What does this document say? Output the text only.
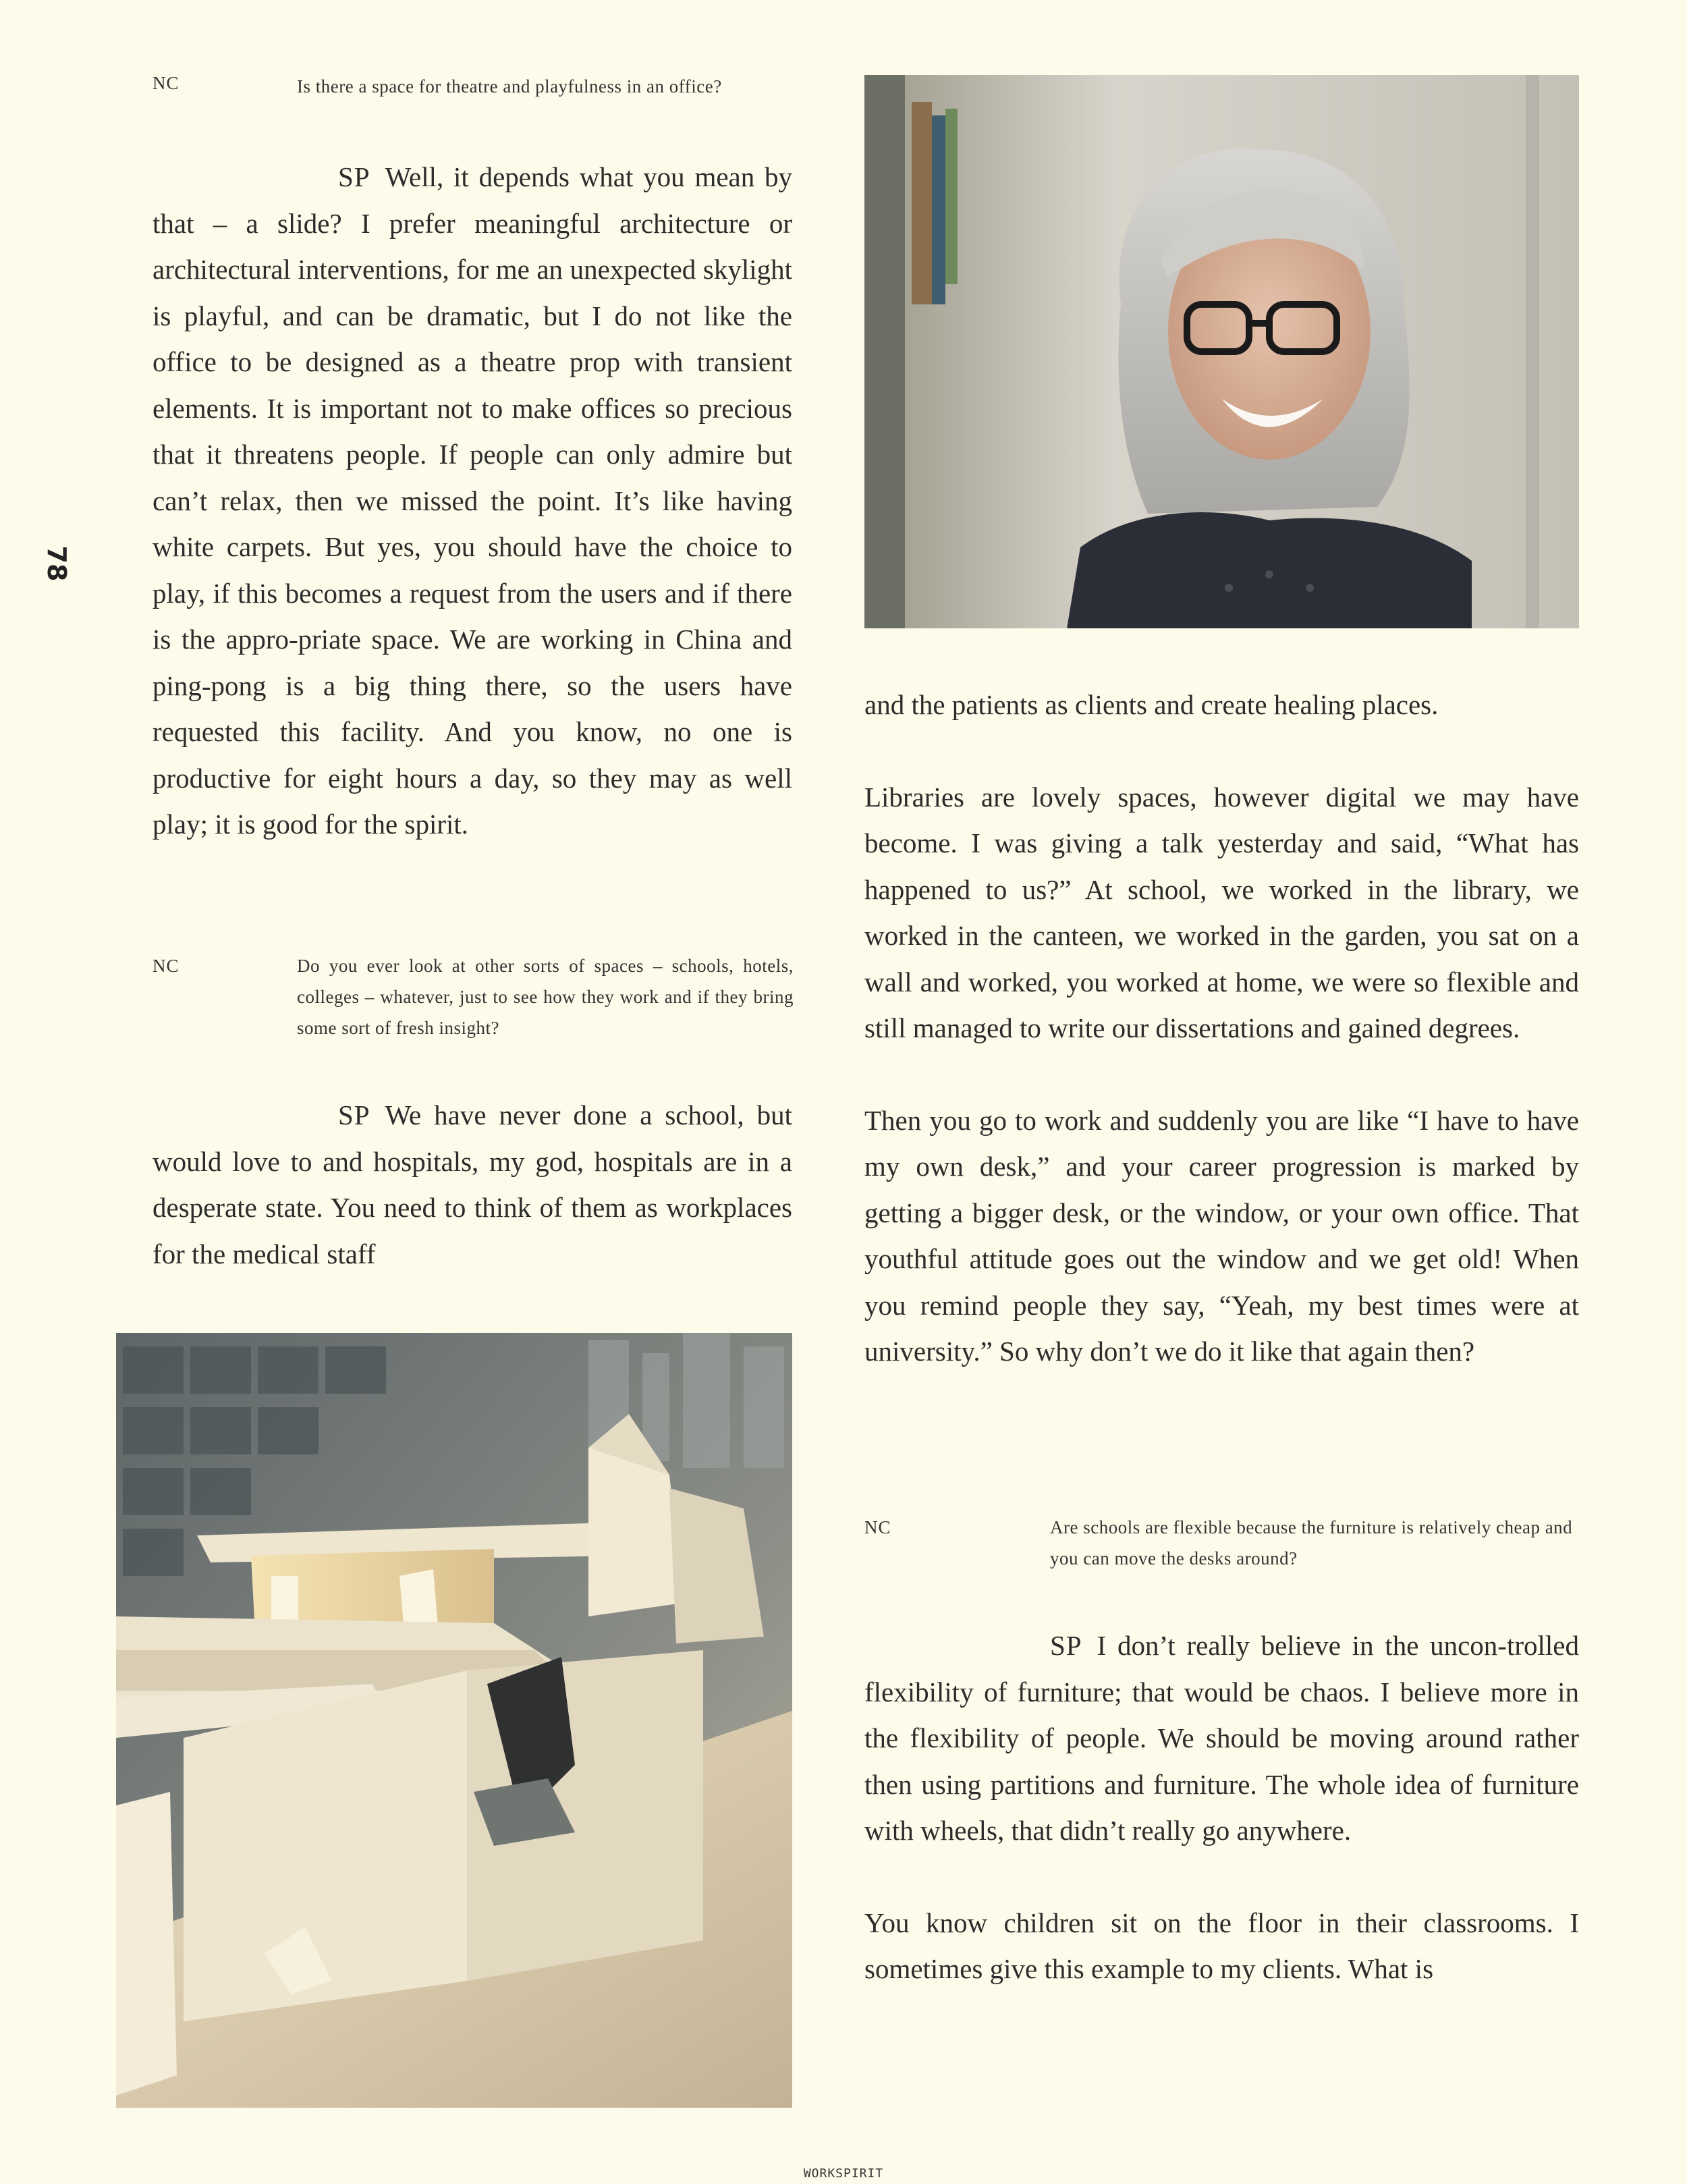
78
NC	Is there a space for theatre and playfulness in an office?

SP Well, it depends what you mean by that – a slide? I prefer meaningful architecture or architectural interventions, for me an unexpected skylight is playful, and can be dramatic, but I do not like the office to be designed as a theatre prop with transient elements. It is important not to make offices so precious that it threatens people. If people can only admire but can’t relax, then we missed the point. It’s like having white carpets. But yes, you should have the choice to play, if this becomes a request from the users and if there is the appro-priate space. We are working in China and ping-pong is a big thing there, so the users have requested this facility. And you know, no one is productive for eight hours a day, so they may as well play; it is good for the spirit.

NC	Do you ever look at other sorts of spaces – schools, hotels, colleges – whatever, just to see how they work and if they bring some sort of fresh insight?

SP We have never done a school, but would love to and hospitals, my god, hospitals are in a desperate state. You need to think of them as workplaces for the medical staff

and the patients as clients and create healing places.

Libraries are lovely spaces, however digital we may have become. I was giving a talk yesterday and said, “What has happened to us?” At school, we worked in the library, we worked in the canteen, we worked in the garden, you sat on a wall and worked, you worked at home, we were so flexible and still managed to write our dissertations and gained degrees.

Then you go to work and suddenly you are like “I have to have my own desk,” and your career progression is marked by getting a bigger desk, or the window, or your own office. That youthful attitude goes out the window and we get old! When you remind people they say, “Yeah, my best times were at university.” So why don’t we do it like that again then?

NC	Are schools are flexible because the furniture is relatively cheap and you can move the desks around?

SP I don’t really believe in the uncon-trolled flexibility of furniture; that would be chaos. I believe more in the flexibility of people. We should be moving around rather then using partitions and furniture. The whole idea of furniture with wheels, that didn’t really go anywhere.

You know children sit on the floor in their classrooms. I sometimes give this example to my clients. What is

WORKSPIRIT
